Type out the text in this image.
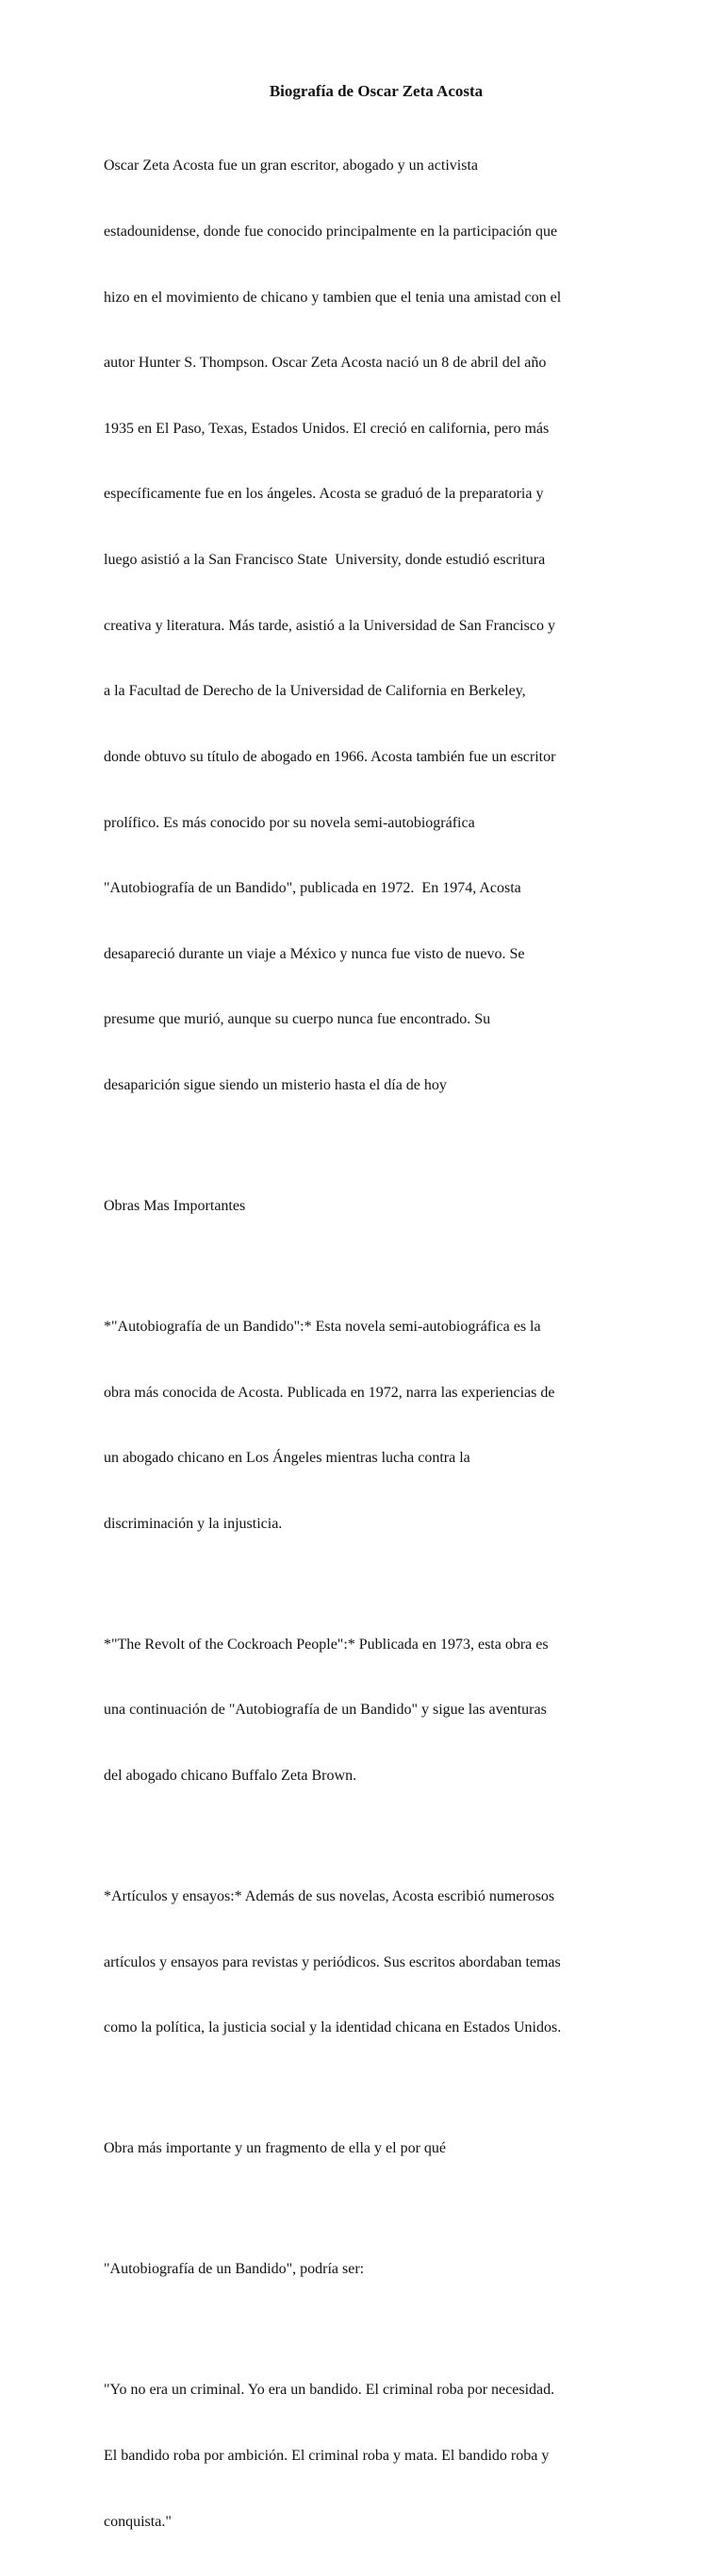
Biografía de Oscar Zeta Acosta

Oscar Zeta Acosta fue un gran escritor, abogado y un activista

estadounidense, donde fue conocido principalmente en la participación que

hizo en el movimiento de chicano y tambien que el tenia una amistad con el

autor Hunter S. Thompson. Oscar Zeta Acosta nació un 8 de abril del año

1935 en El Paso, Texas, Estados Unidos. El creció en california, pero más

específicamente fue en los ángeles. Acosta se graduó de la preparatoria y

luego asistió a la San Francisco State  University, donde estudió escritura

creativa y literatura. Más tarde, asistió a la Universidad de San Francisco y

a la Facultad de Derecho de la Universidad de California en Berkeley,

donde obtuvo su título de abogado en 1966. Acosta también fue un escritor

prolífico. Es más conocido por su novela semi-autobiográfica

"Autobiografía de un Bandido", publicada en 1972.  En 1974, Acosta

desapareció durante un viaje a México y nunca fue visto de nuevo. Se

presume que murió, aunque su cuerpo nunca fue encontrado. Su

desaparición sigue siendo un misterio hasta el día de hoy

Obras Mas Importantes

*"Autobiografía de un Bandido":* Esta novela semi-autobiográfica es la

obra más conocida de Acosta. Publicada en 1972, narra las experiencias de

un abogado chicano en Los Ángeles mientras lucha contra la

discriminación y la injusticia.

*"The Revolt of the Cockroach People":* Publicada en 1973, esta obra es

una continuación de "Autobiografía de un Bandido" y sigue las aventuras

del abogado chicano Buffalo Zeta Brown.

*Artículos y ensayos:* Además de sus novelas, Acosta escribió numerosos

artículos y ensayos para revistas y periódicos. Sus escritos abordaban temas

como la política, la justicia social y la identidad chicana en Estados Unidos.

Obra más importante y un fragmento de ella y el por qué

"Autobiografía de un Bandido", podría ser:

"Yo no era un criminal. Yo era un bandido. El criminal roba por necesidad.

El bandido roba por ambición. El criminal roba y mata. El bandido roba y

conquista."
